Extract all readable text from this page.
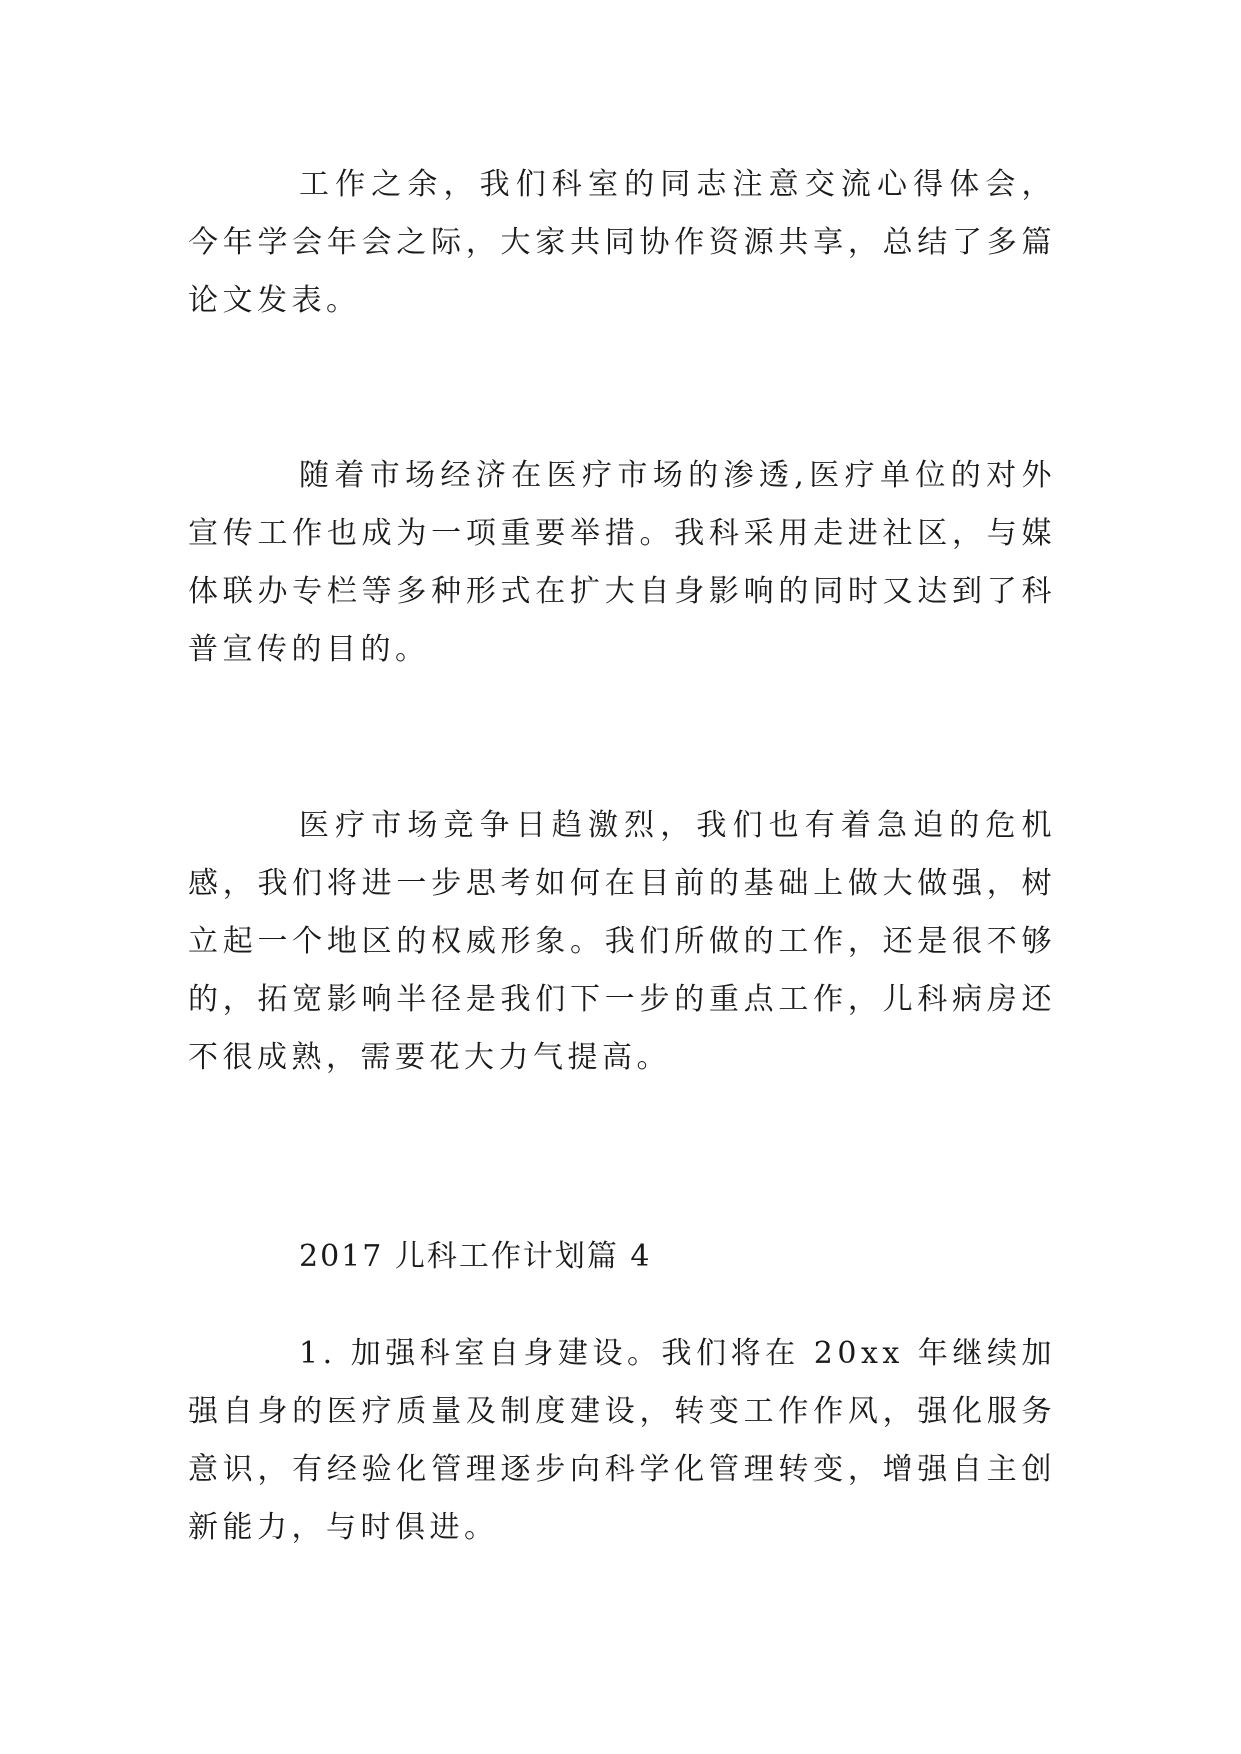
工作之余，我们科室的同志注意交流心得体会，今年学会年会之际，大家共同协作资源共享，总结了多篇论文发表。

随着市场经济在医疗市场的渗透,医疗单位的对外宣传工作也成为一项重要举措。我科采用走进社区，与媒体联办专栏等多种形式在扩大自身影响的同时又达到了科普宣传的目的。

医疗市场竞争日趋激烈，我们也有着急迫的危机感，我们将进一步思考如何在目前的基础上做大做强，树立起一个地区的权威形象。我们所做的工作，还是很不够的，拓宽影响半径是我们下一步的重点工作，儿科病房还不很成熟，需要花大力气提高。

2017 儿科工作计划篇 4

1. 加强科室自身建设。我们将在 20xx 年继续加强自身的医疗质量及制度建设，转变工作作风，强化服务意识，有经验化管理逐步向科学化管理转变，增强自主创新能力，与时俱进。
